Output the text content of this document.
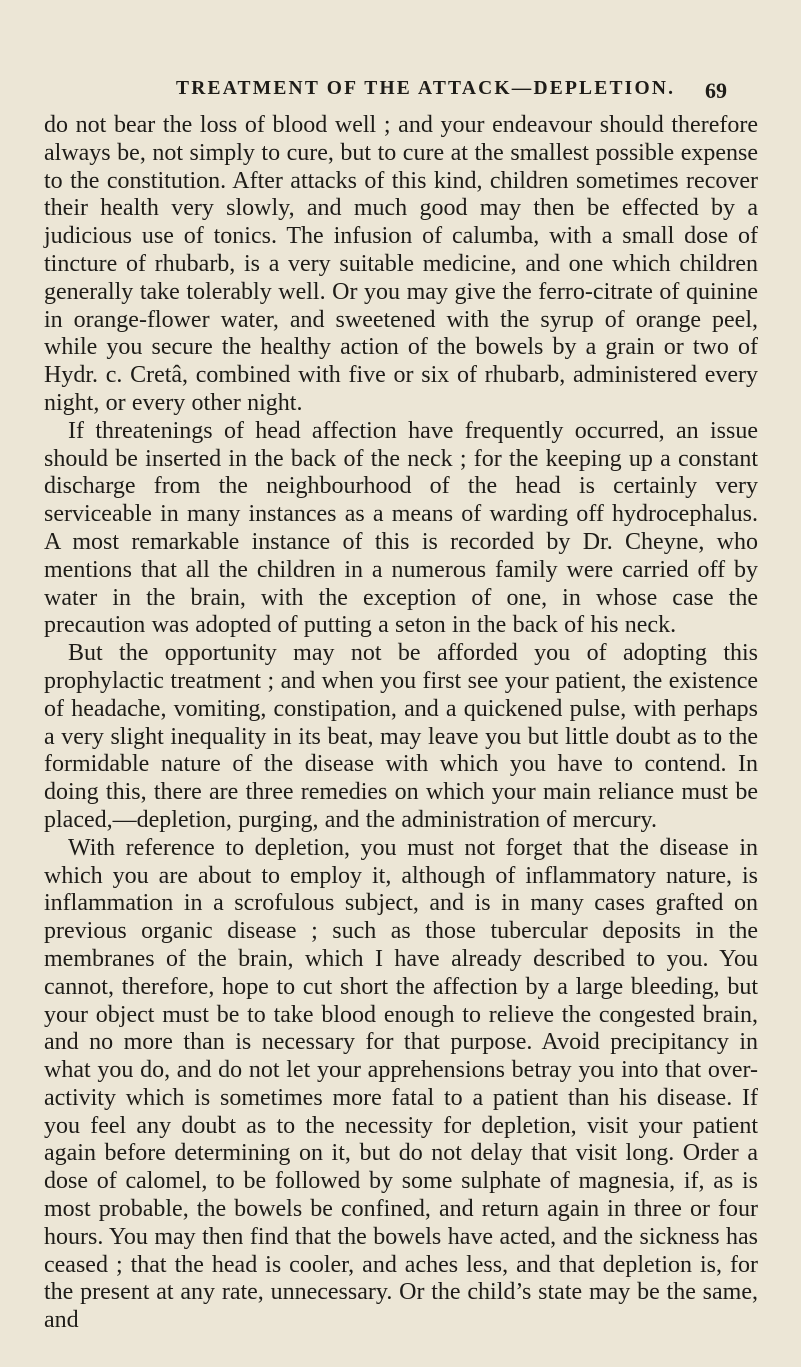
TREATMENT OF THE ATTACK—DEPLETION. 69

do not bear the loss of blood well ; and your endeavour should therefore always be, not simply to cure, but to cure at the smallest possible expense to the constitution. After attacks of this kind, children sometimes recover their health very slowly, and much good may then be effected by a judicious use of tonics. The infusion of calumba, with a small dose of tincture of rhubarb, is a very suitable medicine, and one which children generally take tolerably well. Or you may give the ferro-citrate of quinine in orange-flower water, and sweetened with the syrup of orange peel, while you secure the healthy action of the bowels by a grain or two of Hydr. c. Cretâ, combined with five or six of rhubarb, administered every night, or every other night.

If threatenings of head affection have frequently occurred, an issue should be inserted in the back of the neck ; for the keeping up a constant discharge from the neighbourhood of the head is certainly very serviceable in many instances as a means of warding off hydrocephalus. A most remarkable instance of this is recorded by Dr. Cheyne, who mentions that all the children in a numerous family were carried off by water in the brain, with the exception of one, in whose case the precaution was adopted of putting a seton in the back of his neck.

But the opportunity may not be afforded you of adopting this prophylactic treatment ; and when you first see your patient, the existence of headache, vomiting, constipation, and a quickened pulse, with perhaps a very slight inequality in its beat, may leave you but little doubt as to the formidable nature of the disease with which you have to contend. In doing this, there are three remedies on which your main reliance must be placed,—depletion, purging, and the administration of mercury.

With reference to depletion, you must not forget that the disease in which you are about to employ it, although of inflammatory nature, is inflammation in a scrofulous subject, and is in many cases grafted on previous organic disease ; such as those tubercular deposits in the membranes of the brain, which I have already described to you. You cannot, therefore, hope to cut short the affection by a large bleeding, but your object must be to take blood enough to relieve the congested brain, and no more than is necessary for that purpose. Avoid precipitancy in what you do, and do not let your apprehensions betray you into that over-activity which is sometimes more fatal to a patient than his disease. If you feel any doubt as to the necessity for depletion, visit your patient again before determining on it, but do not delay that visit long. Order a dose of calomel, to be followed by some sulphate of magnesia, if, as is most probable, the bowels be confined, and return again in three or four hours. You may then find that the bowels have acted, and the sickness has ceased ; that the head is cooler, and aches less, and that depletion is, for the present at any rate, unnecessary. Or the child’s state may be the same, and
